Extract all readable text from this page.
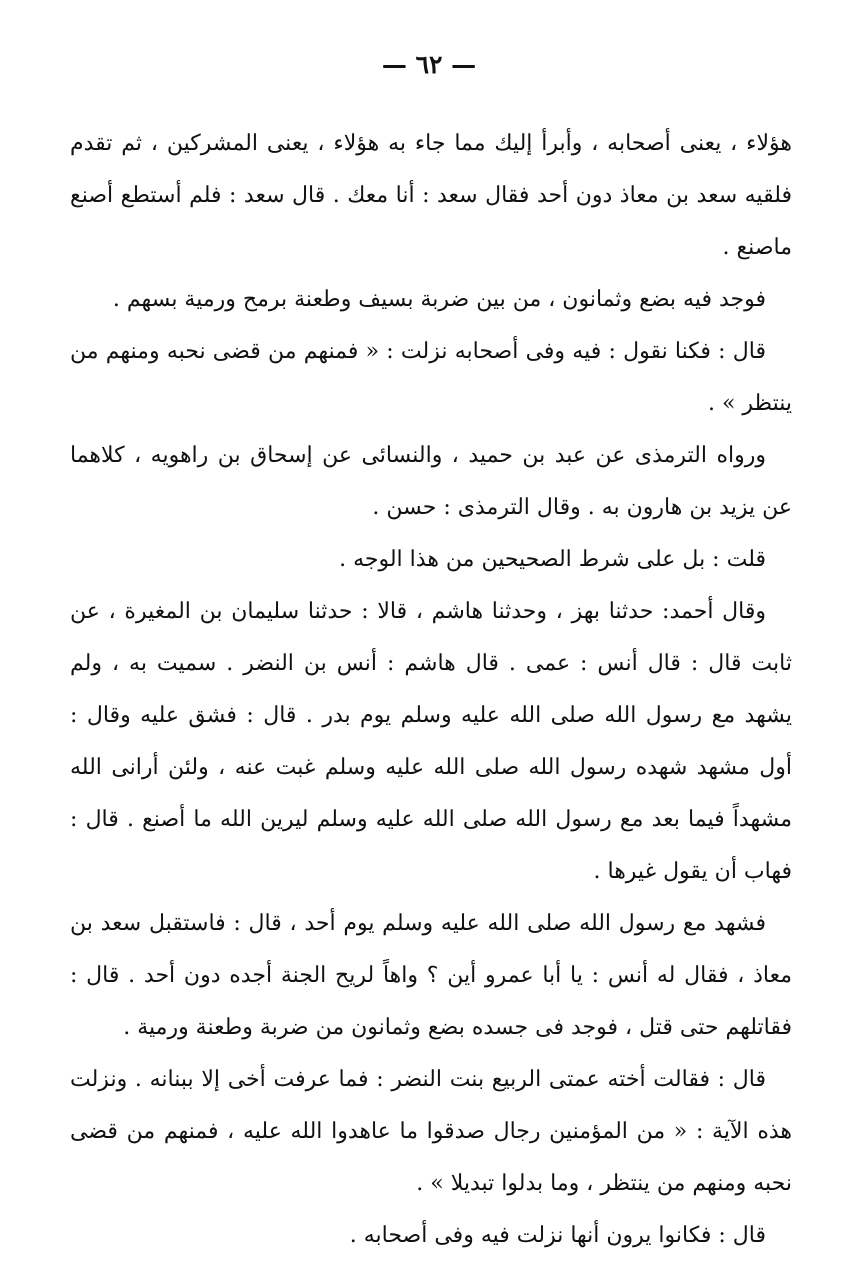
— ٦٢ —

هؤلاء ، يعنى أصحابه ، وأبرأ إليك مما جاء به هؤلاء ، يعنى المشركين ، ثم تقدم فلقيه سعد بن معاذ دون أحد فقال سعد : أنا معك . قال سعد : فلم أستطع أصنع ماصنع .

فوجد فيه بضع وثمانون ، من بين ضربة بسيف وطعنة برمح ورمية بسهم .

قال : فكنا نقول : فيه وفى أصحابه نزلت : « فمنهم من قضى نحبه ومنهم من ينتظر » .

ورواه الترمذى عن عبد بن حميد ، والنسائى عن إسحاق بن راهويه ، كلاهما عن يزيد بن هارون به . وقال الترمذى : حسن .

قلت : بل على شرط الصحيحين من هذا الوجه .

وقال أحمد: حدثنا بهز ، وحدثنا هاشم ، قالا : حدثنا سليمان بن المغيرة ، عن ثابت قال : قال أنس : عمى . قال هاشم : أنس بن النضر . سميت به ، ولم يشهد مع رسول الله صلى الله عليه وسلم يوم بدر . قال : فشق عليه وقال : أول مشهد شهده رسول الله صلى الله عليه وسلم غبت عنه ، ولئن أرانى الله مشهداً فيما بعد مع رسول الله صلى الله عليه وسلم ليرين الله ما أصنع . قال : فهاب أن يقول غيرها .

فشهد مع رسول الله صلى الله عليه وسلم يوم أحد ، قال : فاستقبل سعد بن معاذ ، فقال له أنس : يا أبا عمرو أين ؟ واهاً لريح الجنة أجده دون أحد . قال : فقاتلهم حتى قتل ، فوجد فى جسده بضع وثمانون من ضربة وطعنة ورمية .

قال : فقالت أخته عمتى الربيع بنت النضر : فما عرفت أخى إلا ببنانه . ونزلت هذه الآية : « من المؤمنين رجال صدقوا ما عاهدوا الله عليه ، فمنهم من قضى نحبه ومنهم من ينتظر ، وما بدلوا تبديلا » .

قال : فكانوا يرون أنها نزلت فيه وفى أصحابه .
